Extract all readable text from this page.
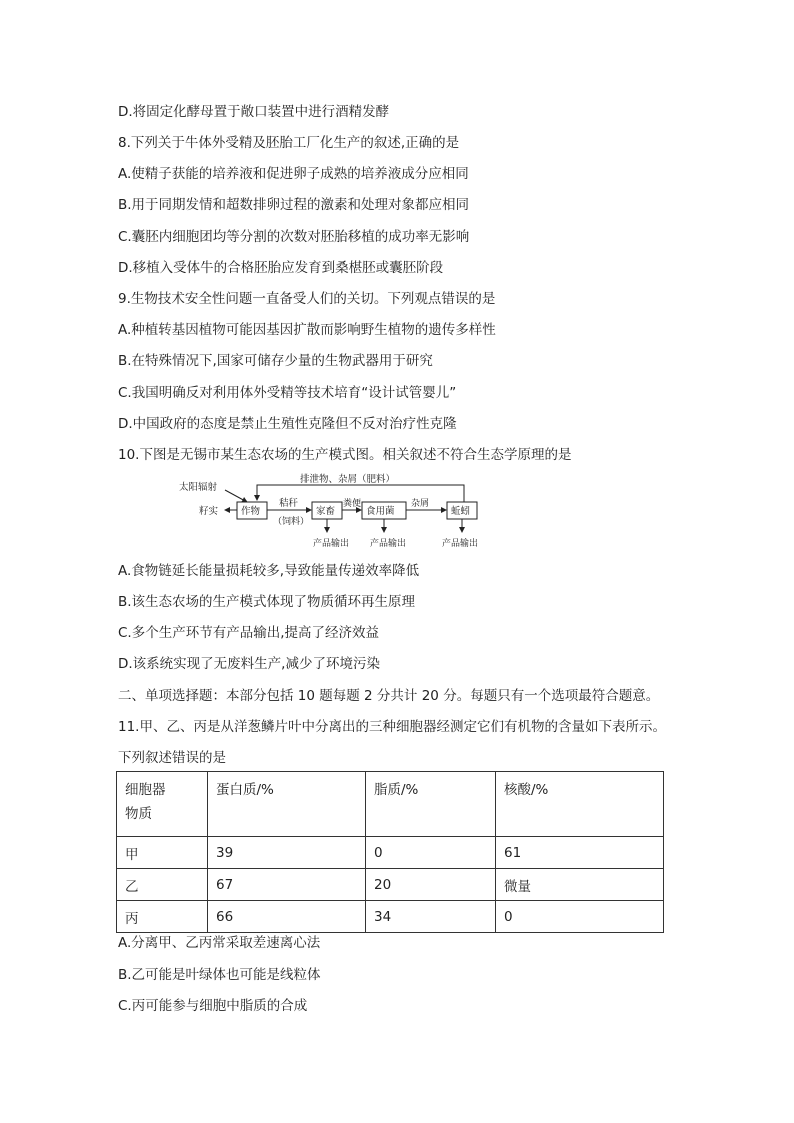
D.将固定化酵母置于敞口装置中进行酒精发酵
8.下列关于牛体外受精及胚胎工厂化生产的叙述,正确的是
A.使精子获能的培养液和促进卵子成熟的培养液成分应相同
B.用于同期发情和超数排卵过程的激素和处理对象都应相同
C.囊胚内细胞团均等分割的次数对胚胎移植的成功率无影响
D.移植入受体牛的合格胚胎应发育到桑椹胚或囊胚阶段
9.生物技术安全性问题一直备受人们的关切。下列观点错误的是
A.种植转基因植物可能因基因扩散而影响野生植物的遗传多样性
B.在特殊情况下,国家可储存少量的生物武器用于研究
C.我国明确反对利用体外受精等技术培育“设计试管婴儿”
D.中国政府的态度是禁止生殖性克隆但不反对治疗性克隆
10.下图是无锡市某生态农场的生产模式图。相关叙述不符合生态学原理的是
太阳辐射
排泄物、杂屑（肥料）
作物
籽实
秸秆
（饲料）
家畜
粪便
食用菌
杂屑
蚯蚓
产品输出 产品输出	产品输出
A.食物链延长能量损耗较多,导致能量传递效率降低
B.该生态农场的生产模式体现了物质循环再生原理
C.多个生产环节有产品输出,提高了经济效益
D.该系统实现了无废料生产,减少了环境污染
二、单项选择题：本部分包括 10 题每题 2 分共计 20 分。每题只有一个选项最符合题意。
11.甲、乙、丙是从洋葱鳞片叶中分离出的三种细胞器经测定它们有机物的含量如下表所示。
下列叙述错误的是
细胞器
物质	蛋白质/%	脂质/%	核酸/%

甲	39	0	61
乙	67	20	微量
丙	66	34	0
A.分离甲、乙丙常采取差速离心法
B.乙可能是叶绿体也可能是线粒体
C.丙可能参与细胞中脂质的合成
